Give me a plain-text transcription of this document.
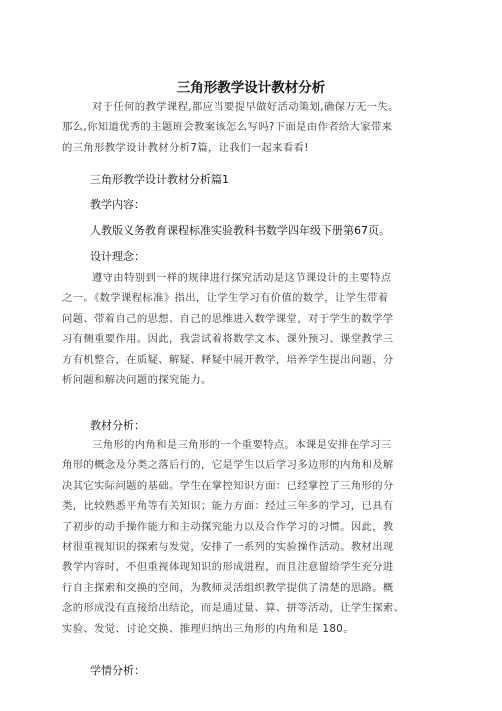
三角形教学设计教材分析
对于任何的教学课程,都应当要提早做好活动策划,确保万无一失。
那么,你知道优秀的主题班会教案该怎么写吗?下面是由作者给大家带来
的三角形教学设计教材分析7篇，让我们一起来看看!
三角形教学设计教材分析篇1
教学内容：
人教版义务教育课程标准实验教科书数学四年级下册第67页。
设计理念：
遵守由特别到一样的规律进行探究活动是这节课设计的主要特点
之一。《数学课程标准》指出，让学生学习有价值的数学，让学生带着
问题、带着自己的思想、自己的思维进入数学课堂，对于学生的数学学
习有侧重要作用。因此，我尝试着将数学文本、课外预习、课堂教学三
方有机整合，在质疑、解疑、释疑中展开教学，培养学生提出问题、分
析问题和解决问题的探究能力。
教材分析：
三角形的内角和是三角形的一个重要特点。本课是安排在学习三
角形的概念及分类之落后行的，它是学生以后学习多边形的内角和及解
决其它实际问题的基础。学生在掌控知识方面：已经掌控了三角形的分
类，比较熟悉平角等有关知识；能力方面：经过三年多的学习，已具有
了初步的动手操作能力和主动探究能力以及合作学习的习惯。因此，教
材很重视知识的探索与发觉，安排了一系列的实验操作活动。教材出现
教学内容时，不但重视体现知识的形成进程，而且注意留给学生充分进
行自主探索和交换的空间，为教师灵活组织教学提供了清楚的思路。概
念的形成没有直接给出结论，而是通过量、算、拼等活动，让学生探索、
实验、发觉、讨论交换、推理归纳出三角形的内角和是 180。
学情分析：
